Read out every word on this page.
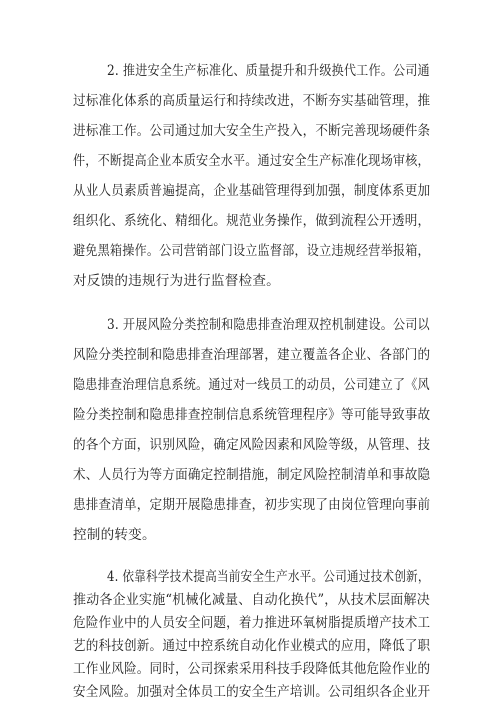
2. 推进安全生产标准化、质量提升和升级换代工作。公司通
过标准化体系的高质量运行和持续改进，不断夯实基础管理，推
进标准工作。公司通过加大安全生产投入，不断完善现场硬件条
件，不断提高企业本质安全水平。通过安全生产标准化现场审核，
从业人员素质普遍提高，企业基础管理得到加强，制度体系更加
组织化、系统化、精细化。规范业务操作，做到流程公开透明，
避免黑箱操作。公司营销部门设立监督部，设立违规经营举报箱，
对反馈的违规行为进行监督检查。
3. 开展风险分类控制和隐患排查治理双控机制建设。公司以
风险分类控制和隐患排查治理部署，建立覆盖各企业、各部门的
隐患排查治理信息系统。通过对一线员工的动员，公司建立了《风
险分类控制和隐患排查控制信息系统管理程序》等可能导致事故
的各个方面，识别风险，确定风险因素和风险等级，从管理、技
术、人员行为等方面确定控制措施，制定风险控制清单和事故隐
患排查清单，定期开展隐患排查，初步实现了由岗位管理向事前
控制的转变。
4. 依靠科学技术提高当前安全生产水平。公司通过技术创新，
推动各企业实施“机械化减量、自动化换代”，从技术层面解决
危险作业中的人员安全问题，着力推进环氧树脂提质增产技术工
艺的科技创新。通过中控系统自动化作业模式的应用，降低了职
工作业风险。同时，公司探索采用科技手段降低其他危险作业的
安全风险。加强对全体员工的安全生产培训。公司组织各企业开
